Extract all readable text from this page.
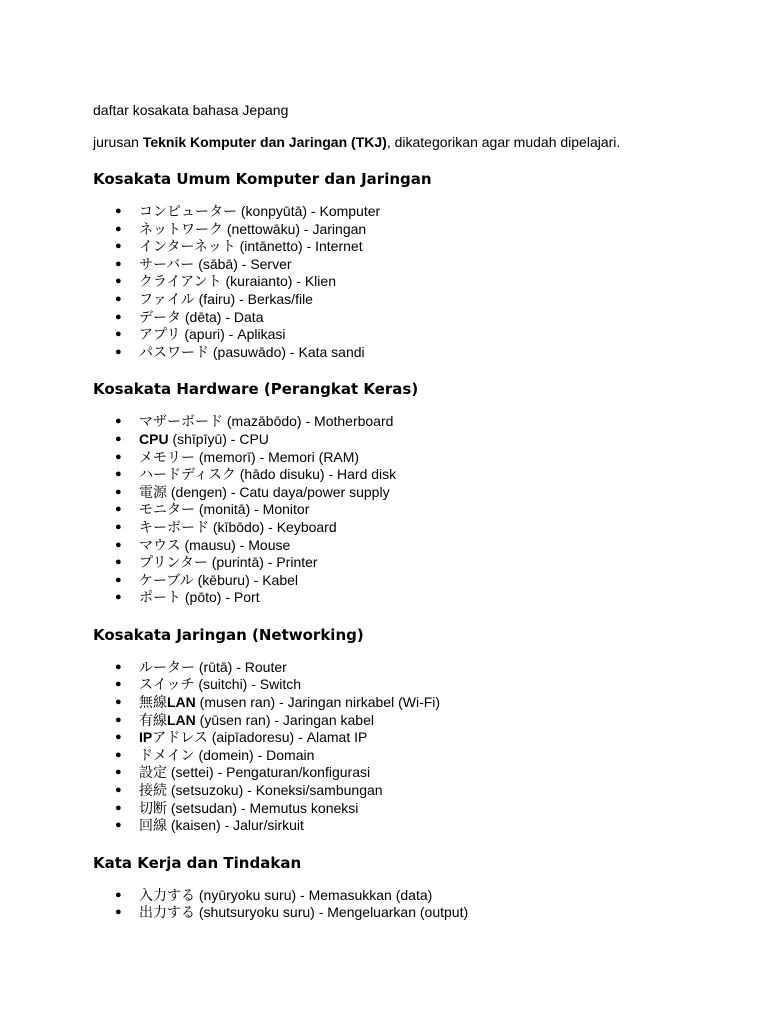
daftar kosakata bahasa Jepang

jurusan Teknik Komputer dan Jaringan (TKJ), dikategorikan agar mudah dipelajari.

Kosakata Umum Komputer dan Jaringan
● コンピューター (konpyūtā) - Komputer
● ネットワーク (nettowāku) - Jaringan
● インターネット (intānetto) - Internet
● サーバー (sābā) - Server
● クライアント (kuraianto) - Klien
● ファイル (fairu) - Berkas/file
● データ (dēta) - Data
● アプリ (apuri) - Aplikasi
● パスワード (pasuwādo) - Kata sandi
Kosakata Hardware (Perangkat Keras)
● マザーボード (mazābōdo) - Motherboard
● CPU (shīpīyū) - CPU
● メモリー (memorī) - Memori (RAM)
● ハードディスク (hādo disuku) - Hard disk
● 電源 (dengen) - Catu daya/power supply
● モニター (monitā) - Monitor
● キーボード (kībōdo) - Keyboard
● マウス (mausu) - Mouse
● プリンター (purintā) - Printer
● ケーブル (kēburu) - Kabel
● ポート (pōto) - Port
Kosakata Jaringan (Networking)
● ルーター (rūtā) - Router
● スイッチ (suitchi) - Switch
● 無線LAN (musen ran) - Jaringan nirkabel (Wi-Fi)
● 有線LAN (yūsen ran) - Jaringan kabel
● IPアドレス (aipīadoresu) - Alamat IP
● ドメイン (domein) - Domain
● 設定 (settei) - Pengaturan/konfigurasi
● 接続 (setsuzoku) - Koneksi/sambungan
● 切断 (setsudan) - Memutus koneksi
● 回線 (kaisen) - Jalur/sirkuit
Kata Kerja dan Tindakan
● 入力する (nyūryoku suru) - Memasukkan (data)
● 出力する (shutsuryoku suru) - Mengeluarkan (output)
